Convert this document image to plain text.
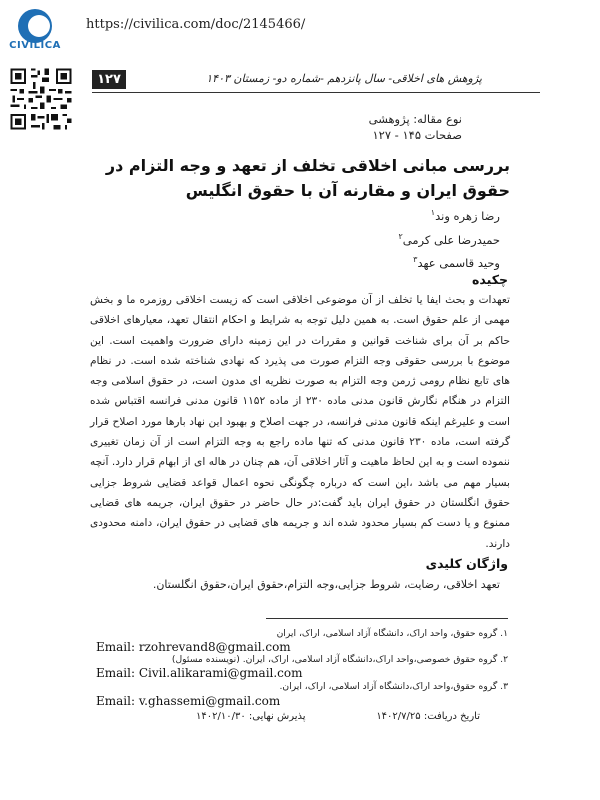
CIVILICA
https://civilica.com/doc/2145466/
۱۲۷	پژوهش های اخلاقی- سال پانزدهم -شماره دو- زمستان ۱۴۰۳
نوع مقاله: پژوهشی
صفحات ۱۴۵ - ۱۲۷
بررسی مبانی اخلاقی تخلف از تعهد و وجه التزام در
حقوق ایران و مقارنه آن با حقوق انگلیس
رضا زهره وند$^۱$
حمیدرضا علی کرمی$^۲$
وحید قاسمی عهد$^۳$
چکیده
تعهدات و بحث ایفا یا تخلف از آن موضوعی اخلاقی است که زیست اخلاقی روزمره ما و بخش مهمی از علم حقوق است. به همین دلیل توجه به شرایط و احکام انتقال تعهد، معیارهای اخلاقی حاکم بر آن برای شناخت قوانین و مقررات در این زمینه دارای ضرورت واهمیت است. این موضوع با بررسی حقوقی وجه التزام صورت می پذیرد که نهادی شناخته شده است. در نظام های تابع نظام رومی ژرمن وجه التزام به صورت نظریه ای مدون است، در حقوق اسلامی وجه التزام در هنگام نگارش قانون مدنی ماده ۲۳۰ از ماده ۱۱۵۲ قانون مدنی فرانسه اقتباس شده است و علیرغم اینکه قانون مدنی فرانسه، در جهت اصلاح و بهبود این نهاد بارها مورد اصلاح قرار گرفته است، ماده ۲۳۰ قانون مدنی که تنها ماده راجع به وجه التزام است از آن زمان تغییری ننموده است و به این لحاظ ماهیت و آثار اخلاقی آن، هم چنان در هاله ای از ابهام قرار دارد. آنچه بسیار مهم می باشد ،این است که درباره چگونگی نحوه اعمال قواعد قضایی شروط جزایی حقوق انگلستان در حقوق ایران باید گفت:در حال حاضر در حقوق ایران، جریمه های قضایی ممنوع و یا دست کم بسیار محدود شده اند و جریمه های قضایی در حقوق ایران، دامنه محدودی دارند.
واژگان کلیدی
تعهد اخلاقی، رضایت، شروط جزایی،وجه التزام،حقوق ایران،حقوق انگلستان.
۱. گروه حقوق، واحد اراک، دانشگاه آزاد اسلامی، اراک، ایران
Email: rzohrevand8@gmail.com
۲. گروه حقوق خصوصی،واحد اراک،دانشگاه آزاد اسلامی، اراک، ایران. (نویسنده مسئول)
Email: Civil.alikarami@gmail.com
۳. گروه حقوق،واحد اراک،دانشگاه آزاد اسلامی، اراک، ایران.
Email: v.ghassemi@gmail.com
تاریخ دریافت: ۱۴۰۲/۷/۲۵
پذیرش نهایی: ۱۴۰۲/۱۰/۳۰
